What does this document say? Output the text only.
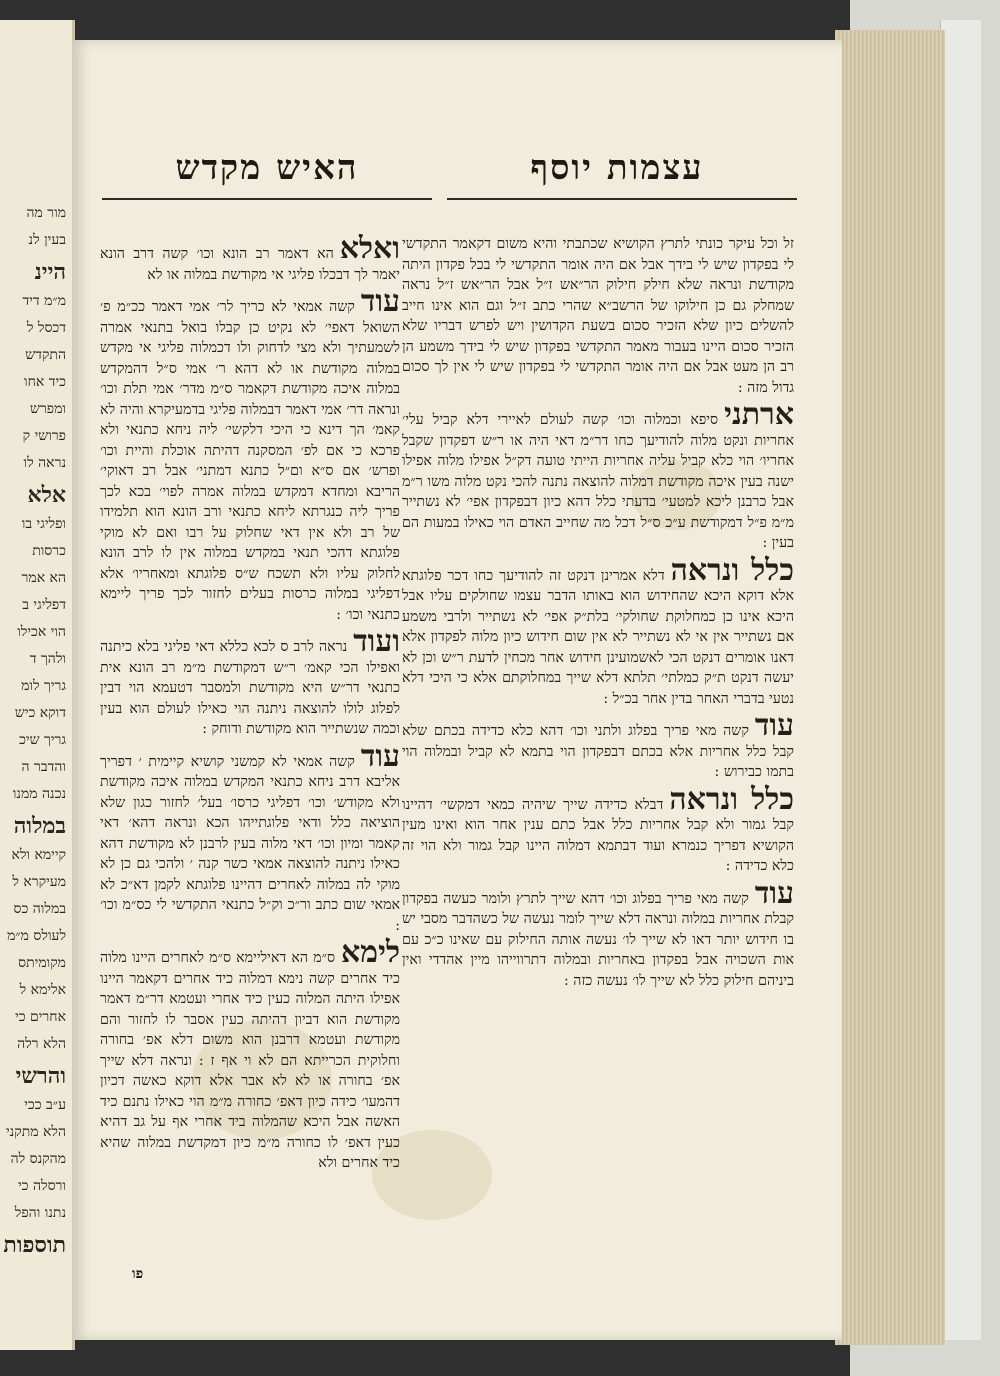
מור מה
בעין לנ
היינ
מ״מ דיד
דכסל ל
התקדש
כיד אחו
ומפרש
פרושי ק
נראה לו
אלא
ופליגי בו
כרסות
הא אמר
דפליגי ב
הוי אכילו
ולהך ד
גריך לומ
דוקא כיש
גריך שיכ
והדבר ה
נכנה ממנו
במלוה
קיימא ולא
מעיקרא ל
במלוה כס
לעולס מ״מ
מקומיתס
אלימא ל
אחרים כי
הלא רלה
והרשי
ע״ב ככי
הלא מתקני
מהקנס לה
ורסלה כי
נתנו והפל
תוספות
האיש מקדש	עצמות יוסף

זל וכל עיקר כונתי לתרץ הקושיא שכתבתי והיא משום דקאמר התקדשי לי בפקדון שיש לי בידך אבל אם היה אומר התקדשי לי בכל פקדון היתה מקודשת ונראה שלא חילק חילוק הר״אש ז״ל אבל הר״אש ז״ל נראה שמחלק גם כן חילוקו של הרשב״א שהרי כתב ז״ל וגם הוא אינו חייב להשלים כיון שלא הזכיר סכום בשעת הקדושין ויש לפרש דבריו שלא הזכיר סכום היינו בעבור מאמר התקדשי בפקדון שיש לי בידך משמע הן רב הן מעט אבל אם היה אומר התקדשי לי בפקדון שיש לי אין לך סכום גדול מזה :

ארתניסיפא וכמלוה וכו׳ קשה לעולם לאיירי דלא קביל עלי׳ אחריות ונקט מלוה להודיעך כחו דר״מ דאי היה או ר״ש דפקדון שקבל אחריו׳ הוי כלא קביל עליה אחריות הייתי טועה דק״ל אפילו מלוה אפילו ישנה בעין איכה מקודשת דמלוה להוצאה נתנה להכי נקט מלוה משו ר״מ אבל כרבנן ליכא למטעי׳ בדעתי כלל דהא כיון דבפקדון אפי׳ לא נשתייר מ״מ פ״ל דמקודשת ע״כ ס״ל דכל מה שחייב האדם הוי כאילו במעות הם בעין :

כלל ונראהדלא אמרינן דנקט זה להודיעך כחו דכר פלוגתא אלא דוקא היכא שהחידוש הוא באותו הדבר עצמו שחולקים עליו אבל היכא אינו כן כמחלוקת שחולקי׳ בלת״ק אפי׳ לא נשתייר ולרבי משמע אם נשתייר אין אי לא נשתייר לא אין שום חידוש כיון מלוה לפקדון אלא דאנו אומרים דנקט הכי לאשמועינן חידוש אחר מכחין לדעת ר״ש וכן לא יעשה דנקט ת״ק כמלתי׳ תלתא דלא שייך במחלוקתם אלא כי היכי דלא נטעי בדברי האחר בדין אחר בכ״ל :

עודקשה מאי פריך בפלוג ולתני וכו׳ דהא כלא כדידה בכתם שלא קבל כלל אחריות אלא בכתם דבפקדון הוי בתמא לא קביל ובמלוה הוי בתמו כבירוש :

כלל ונראהדבלא כדידה שייך שיהיה כמאי דמקשי׳ דהיינו קבל גמור ולא קבל אחריות כלל אבל כתם ענין אחר הוא ואינו מעין הקושיא דפריך כנמרא ועוד דבתמא דמלוה היינו קבל גמור ולא הוי זה כלא כדידה :

עודקשה מאי פריך בפלוג וכו׳ דהא שייך לתרץ ולומר כעשה בפקדון קבלת אחריות במלוה ונראה דלא שייך לומר נעשה של כשהדבר מסבי יש בו חידוש יותר דאו לא שייך לו׳ נעשה אותה החילוק עם שאינו כ״כ עם אות השכויה אבל בפקדון באחריות ובמלוה דתרווייהו מיין אהדדי ואין ביניהם חילוק כלל לא שייך לו׳ נעשה כזה :

ואלאהא דאמר רב הונא וכו׳ קשה דרב הונא יאמר לך דבכלו פליגי אי מקודשת במלוה או לא

עודקשה אמאי לא כריך לר׳ אמי דאמר ככ״מ פ׳ השואל דאפי׳ לא נקיט כן קבלו בואל בתנאי אמרה לשמעתיך ולא מצי לדחוק ולו דכמלוה פליגי אי מקדש במלוה מקודשת או לא דהא ר׳ אמי ס״ל דהמקדש במלוה איכה מקודשת דקאמר ס״מ מדר׳ אמי תלת וכו׳ ונראה דר׳ אמי דאמר דבמלוה פליגי בדמעיקרא והיה לא קאמ׳ הך דינא כי היכי דלקשי׳ ליה ניחא כתנאי ולא פרכא כי אם לפ׳ המסקנה דהיתה אוכלת והיית וכו׳ ופרש׳ אם ס״א ום״ל כתנא דמתני׳ אבל רב דאוקי׳ הריבא ומחדא דמקדש במלוה אמרה לפוי׳ בכא לכך פריך ליה כנגרתא ליחא כתנאי ורב הונא הוא תלמידו של רב ולא אין דאי שחלוק על רבו ואם לא מוקי פלוגתא דהכי תנאי במקדש במלוה אין לו לרב הונא לחלוק עליו ולא תשכח ש״ס פלוגתא ומאחריו׳ אלא דפליגי במלוה כרסות בעלים לחזור לכך פריך ליימא כתנאי וכו׳ :

ועודנראה לרב ס לכא כללא דאי פליגי בלא כיתנה ואפילו הכי קאמ׳ ר״ש דמקודשת מ״מ רב הונא אית כתנאי דר״ש היא מקודשת ולמסבר דטעמא הוי דבין לפלוג לולו להוצאה ניתנה הוי כאילו לעולם הוא בעין וכמה שנשתייר הוא מקודשת ודוחק :

עודקשה אמאי לא קמשני קושיא קיימית ׳ דפריך אליבא דרב ניחא כתנאי המקדש במלוה איכה מקודשת ולא מקודש׳ וכו׳ דפליגי כרסו׳ בעל׳ לחזור כגון שלא הוציאה כלל ודאי פלוגתייהו הכא ונראה דהא׳ דאי קאמר ומיון וכו׳ דאי מלוה בעין לרבנן לא מקודשת דהא כאילו ניתנה להוצאה אמאי כשר קנה ׳ ולהכי גם כן לא מוקי לה במלוה לאחרים דהיינו פלוגתא לקמן דא״כ לא אמאי שום כתב ור״כ וק״ל כתנאי התקדשי לי כס״מ וכו׳ :

לימאס״מ הא דאיליימא ס״מ לאחרים היינו מלוה כיד אחרים קשה נימא דמלוה כיד אחרים דקאמר היינו אפילו היתה המלוה כעין כיד אחרי ועטמא דר״מ דאמר מקודשת הוא דביון דהיתה כעין אסבר לו לחזור והם מקודשת ועטמא דרבנן הוא משום דלא אפ׳ בחורה וחלוקית הכרייתא הם לא וי אף ז : ונראה דלא שייך אפ׳ בחורה או לא לא אבר אלא דוקא כאשה דכיון דהמעו׳ כידה כיון דאפ׳ כחורה מ״מ הוי כאילו נתנם כיד האשה אבל היכא שהמלוה ביד אחרי אף על גב דהיא כעין דאפ׳ לו כחורה מ״מ כיון דמקדשת במלוה שהיא כיד אחרים ולא

פו
